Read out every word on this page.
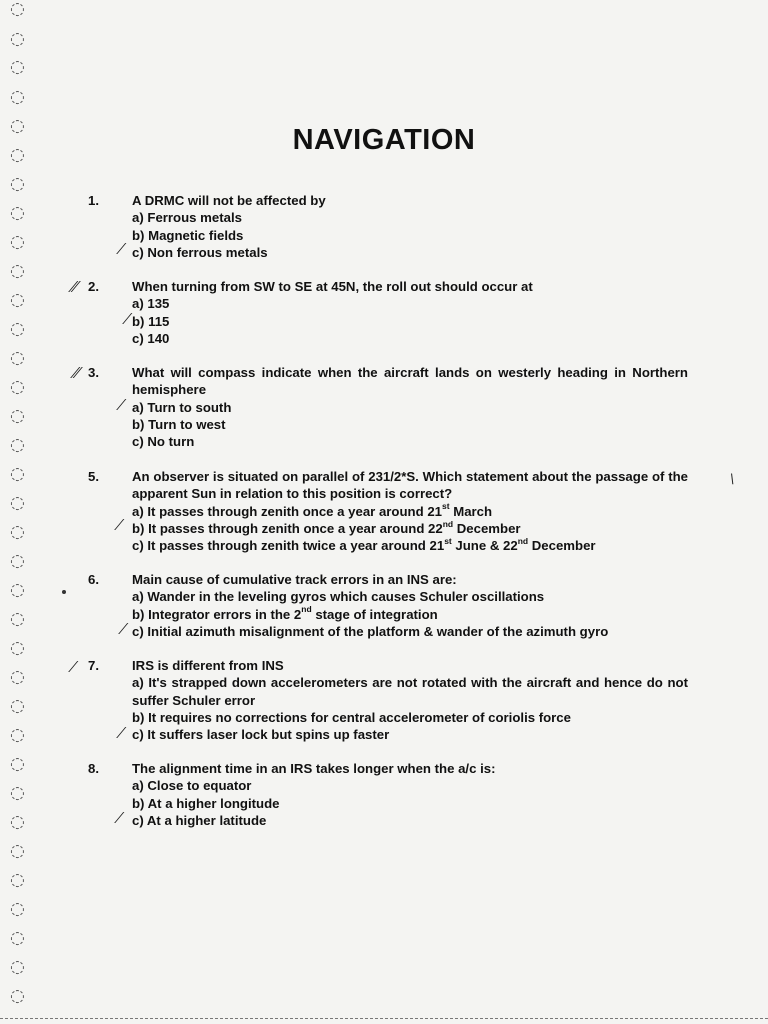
◌
◌
◌
◌
◌
◌
◌
◌
◌
◌
◌
◌
◌
◌
◌
◌
◌
◌
◌
◌
◌
◌
◌
◌
◌
◌
◌
◌
◌
◌
◌
◌
◌
◌
◌
NAVIGATION
1.	A DRMC will not be affected by
a) Ferrous metals
b) Magnetic fields
c) Non ferrous metals
⁄
2.	When turning from SW to SE at 45N, the roll out should occur at
a) 135
b) 115
c) 140
⁄⁄
⁄
3.	What will compass indicate when the aircraft lands on westerly heading in Northern hemisphere
a) Turn to south
b) Turn to west
c) No turn
⁄⁄
⁄
5.	An observer is situated on parallel of 231/2*S. Which statement about the passage of the apparent Sun in relation to this position is correct?
a) It passes through zenith once a year around 21st March
b) It passes through zenith once a year around 22nd December
c) It passes through zenith twice a year around 21st June & 22nd December
⁄
6.	Main cause of cumulative track errors in an INS are:
a) Wander in the leveling gyros which causes Schuler oscillations
b) Integrator errors in the 2nd stage of integration
c) Initial azimuth misalignment of the platform & wander of the azimuth gyro
⁄
7.	IRS is different from INS
a) It's strapped down accelerometers are not rotated with the aircraft and hence do not suffer Schuler error
b) It requires no corrections for central accelerometer of coriolis force
c) It suffers laser lock but spins up faster
⁄
⁄
8.	The alignment time in an IRS takes longer when the a/c is:
a) Close to equator
b) At a higher longitude
c) At a higher latitude
⁄
\
